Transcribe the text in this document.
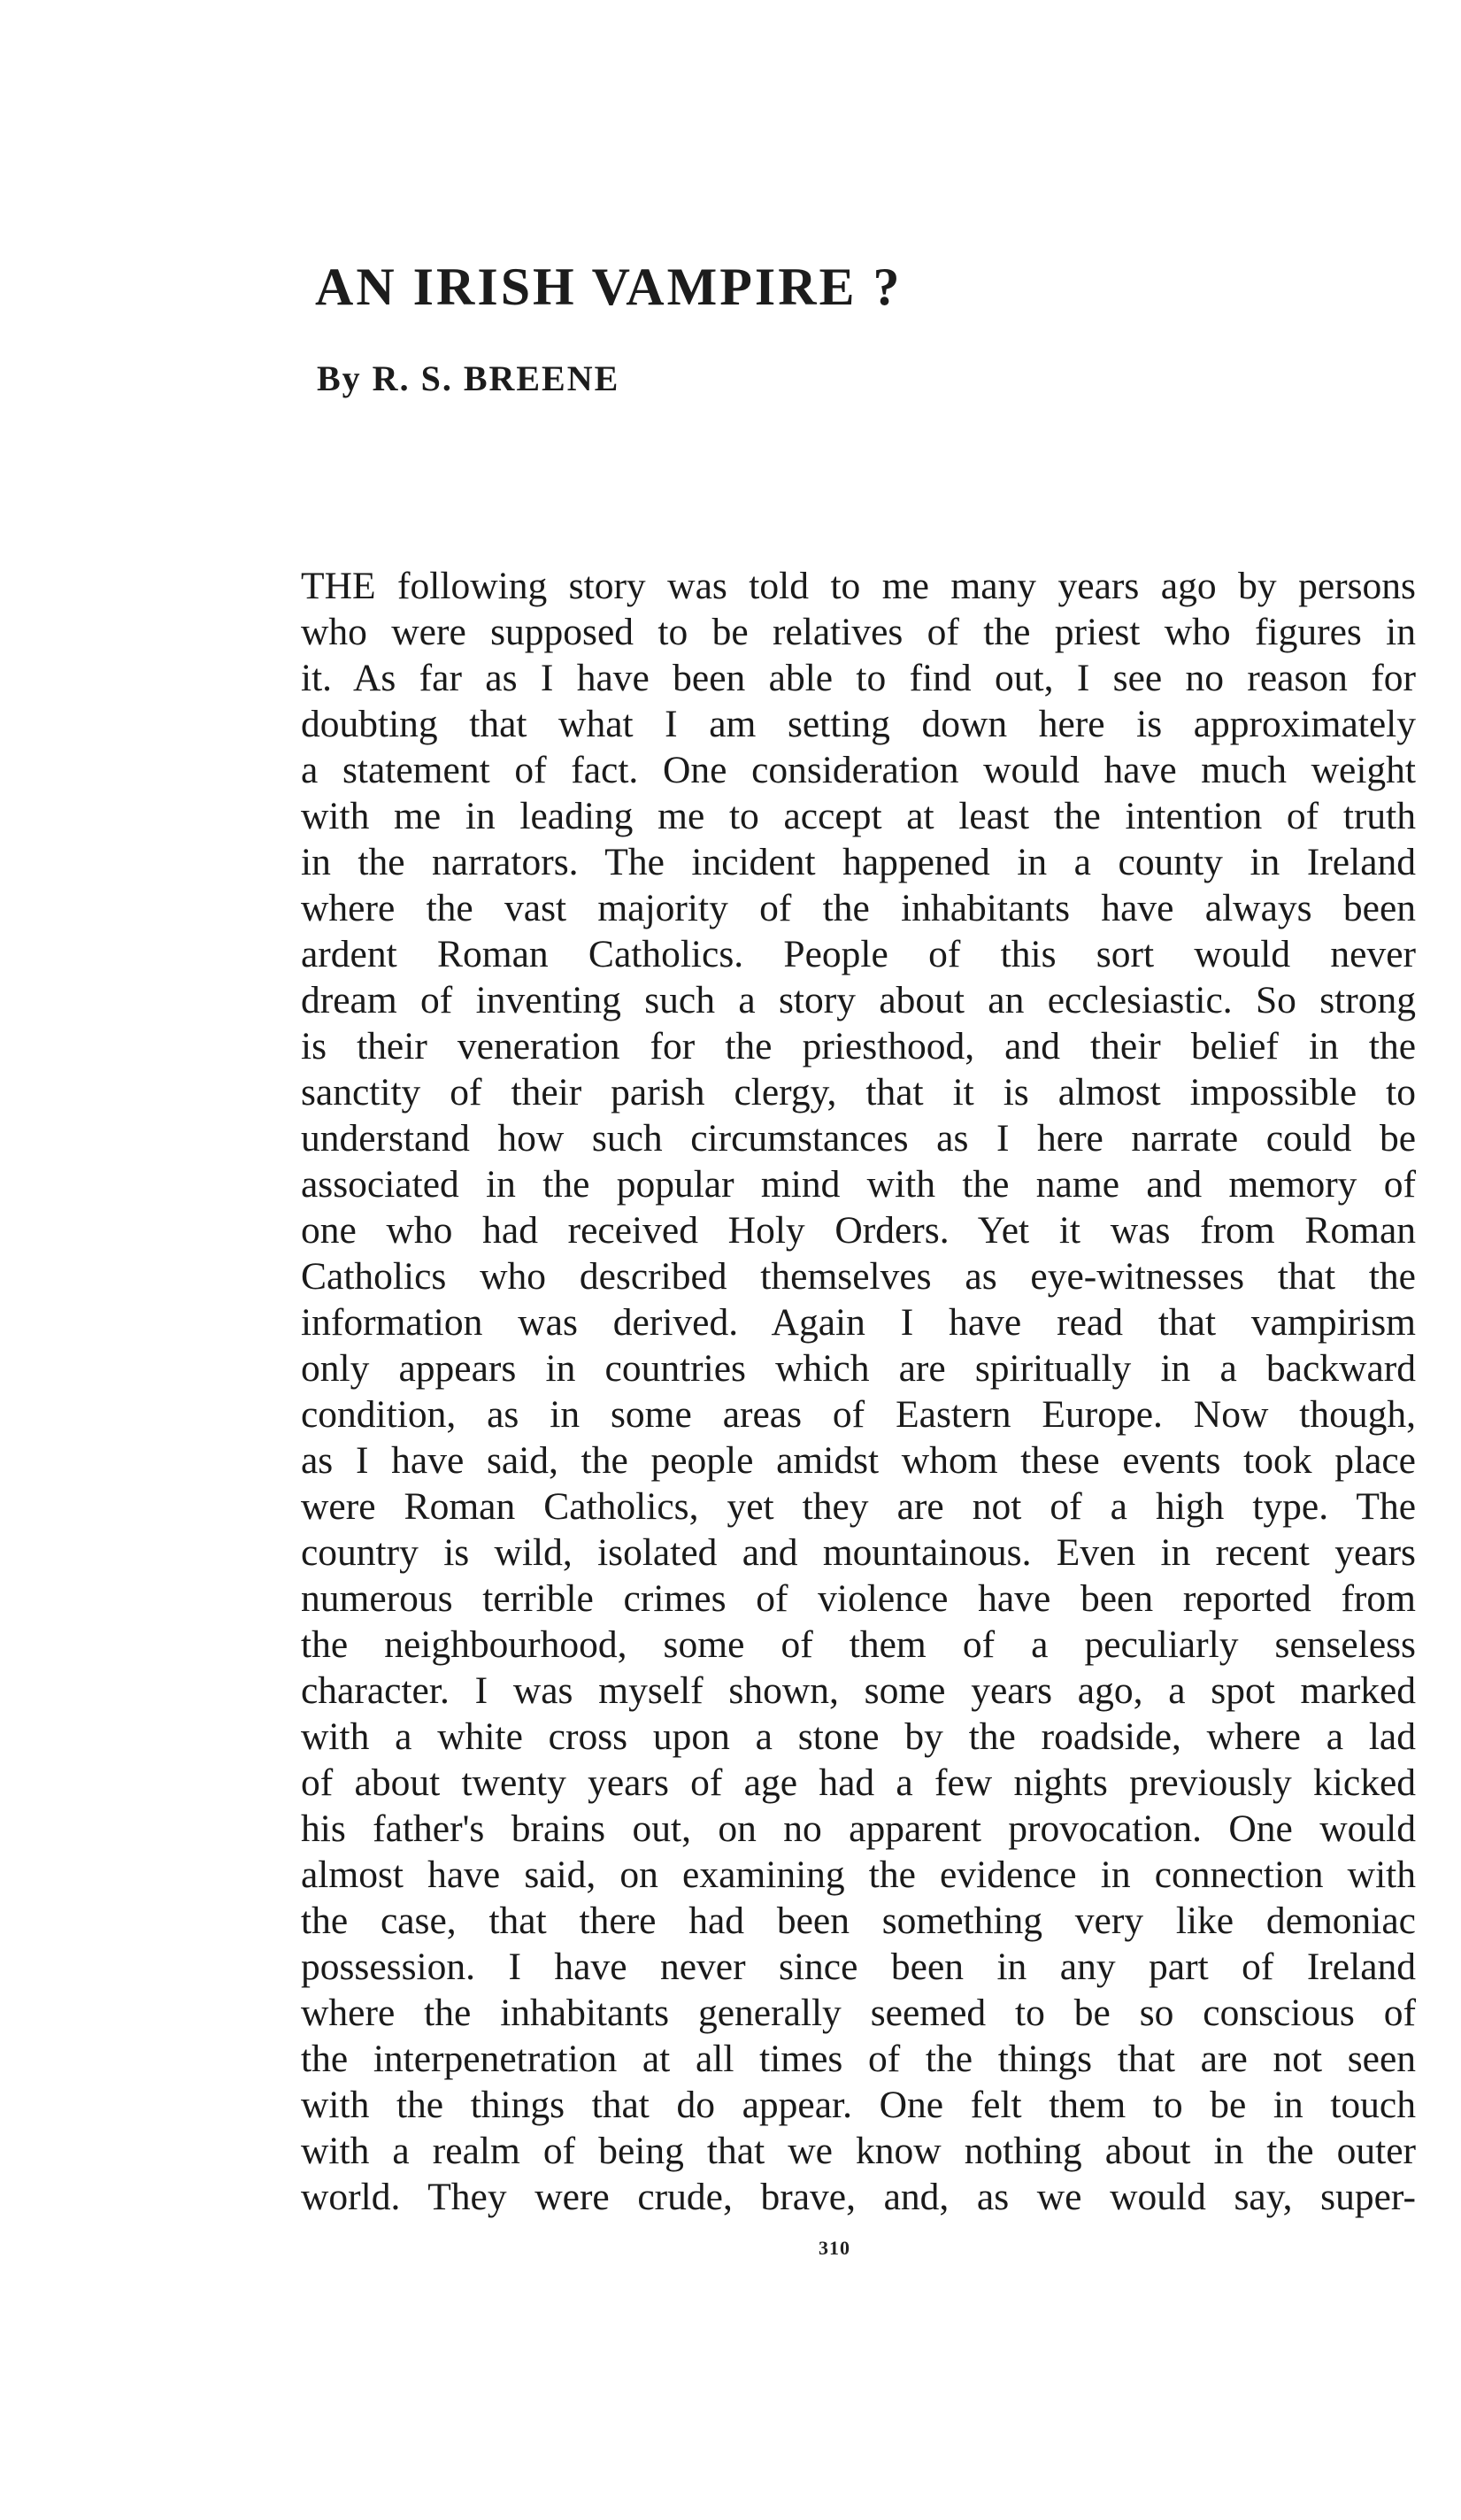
AN IRISH VAMPIRE ?
By R. S. BREENE
THE following story was told to me many years ago by persons
who were supposed to be relatives of the priest who figures in
it. As far as I have been able to find out, I see no reason for
doubting that what I am setting down here is approximately
a statement of fact. One consideration would have much weight
with me in leading me to accept at least the intention of truth
in the narrators. The incident happened in a county in Ireland
where the vast majority of the inhabitants have always been
ardent Roman Catholics. People of this sort would never
dream of inventing such a story about an ecclesiastic. So strong
is their veneration for the priesthood, and their belief in the
sanctity of their parish clergy, that it is almost impossible to
understand how such circumstances as I here narrate could be
associated in the popular mind with the name and memory of
one who had received Holy Orders. Yet it was from Roman
Catholics who described themselves as eye-witnesses that the
information was derived. Again I have read that vampirism
only appears in countries which are spiritually in a backward
condition, as in some areas of Eastern Europe. Now though,
as I have said, the people amidst whom these events took place
were Roman Catholics, yet they are not of a high type. The
country is wild, isolated and mountainous. Even in recent years
numerous terrible crimes of violence have been reported from
the neighbourhood, some of them of a peculiarly senseless
character. I was myself shown, some years ago, a spot marked
with a white cross upon a stone by the roadside, where a lad
of about twenty years of age had a few nights previously kicked
his father's brains out, on no apparent provocation. One would
almost have said, on examining the evidence in connection with
the case, that there had been something very like demoniac
possession. I have never since been in any part of Ireland
where the inhabitants generally seemed to be so conscious of
the interpenetration at all times of the things that are not seen
with the things that do appear. One felt them to be in touch
with a realm of being that we know nothing about in the outer
world. They were crude, brave, and, as we would say, super-
310
